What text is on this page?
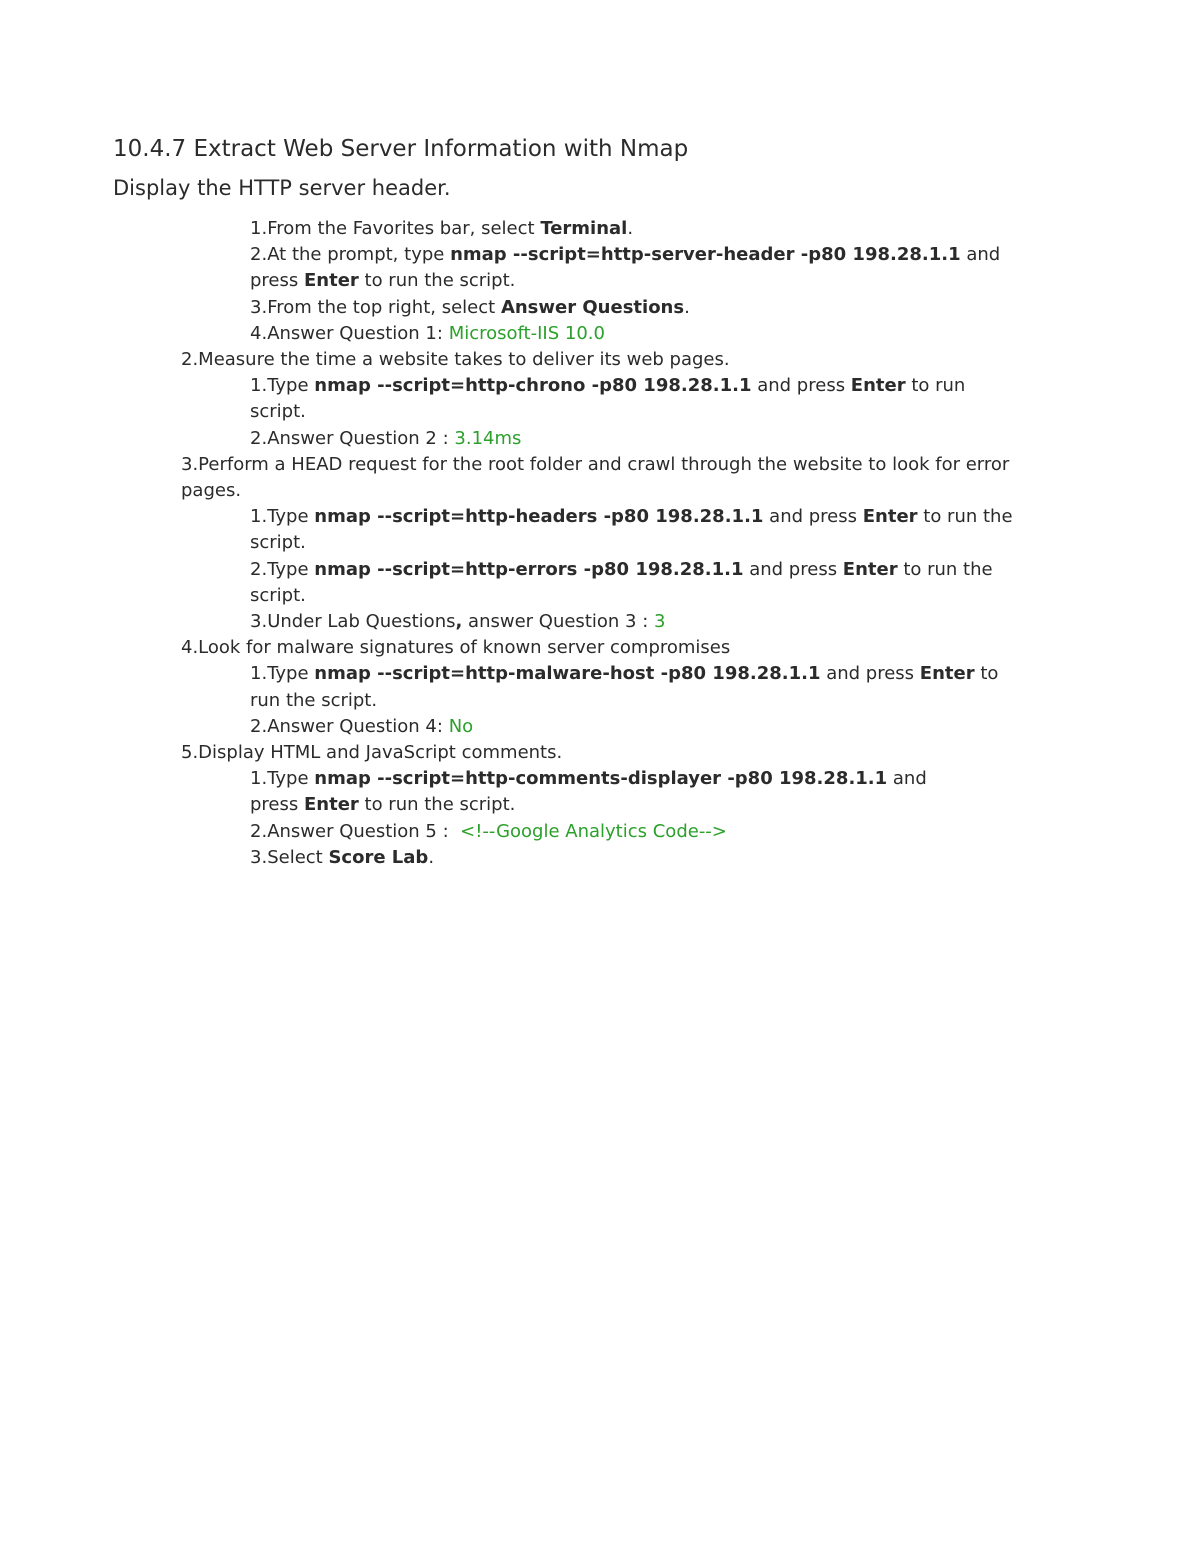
10.4.7 Extract Web Server Information with Nmap
Display the HTTP server header.
1.From the Favorites bar, select Terminal.
2.At the prompt, type nmap --script=http-server-header -p80 198.28.1.1 and
press Enter to run the script.
3.From the top right, select Answer Questions.
4.Answer Question 1: Microsoft-IIS 10.0
2.Measure the time a website takes to deliver its web pages.
1.Type nmap --script=http-chrono -p80 198.28.1.1 and press Enter to run
script.
2.Answer Question 2 : 3.14ms
3.Perform a HEAD request for the root folder and crawl through the website to look for error
pages.
1.Type nmap --script=http-headers -p80 198.28.1.1 and press Enter to run the
script.
2.Type nmap --script=http-errors -p80 198.28.1.1 and press Enter to run the
script.
3.Under Lab Questions, answer Question 3 : 3
4.Look for malware signatures of known server compromises
1.Type nmap --script=http-malware-host -p80 198.28.1.1 and press Enter to
run the script.
2.Answer Question 4: No
5.Display HTML and JavaScript comments.
1.Type nmap --script=http-comments-displayer -p80 198.28.1.1 and
press Enter to run the script.
2.Answer Question 5 :  <!--Google Analytics Code-->
3.Select Score Lab.
